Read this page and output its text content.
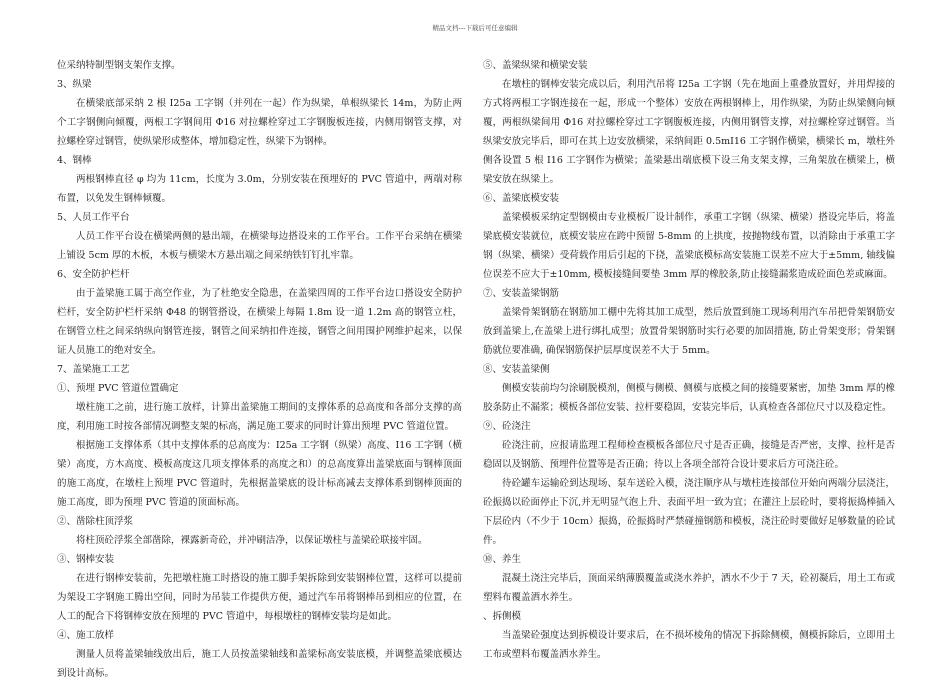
精品文档---下载后可任意编辑

位采纳特制型钢支架作支撑。

3、纵梁

在横梁底部采纳 2 根 I25a 工字钢（并列在一起）作为纵梁，单根纵梁长 14m，为防止两个工字钢侧向倾覆，两根工字钢间用 Φ16 对拉螺栓穿过工字钢腹板连接，内侧用钢管支撑，对拉螺栓穿过钢管，使纵梁形成整体，增加稳定性，纵梁下为钢棒。

4、钢棒

两根钢棒直径 φ 均为 11cm，长度为 3.0m，分别安装在预埋好的 PVC 管道中，两端对称布置，以免发生钢棒倾覆。

5、人员工作平台

人员工作平台设在横梁两侧的悬出端，在横梁每边搭设来的工作平台。工作平台采纳在横梁上铺设 5cm 厚的木板，木板与横梁木方悬出端之间采纳铁钉钉扎牢靠。

6、安全防护栏杆

由于盖梁施工属于高空作业，为了杜绝安全隐患，在盖梁四周的工作平台边口搭设安全防护栏杆，安全防护栏杆采纳 Φ48 的钢管搭设，在横梁上每隔 1.8m 设一道 1.2m 高的钢管立柱，在钢管立柱之间采纳纵向钢管连接，钢管之间采纳扣件连接，钢管之间用围护网维护起来，以保证人员施工的绝对安全。

7、盖梁施工工艺

①、预埋 PVC 管道位置确定

墩柱施工之前，进行施工放样，计算出盖梁施工期间的支撑体系的总高度和各部分支撑的高度，利用施工时按各部情况调整支架的标高，满足施工要求的同时计算出预埋 PVC 管道位置。

根据施工支撑体系（其中支撑体系的总高度为：I25a 工字钢（纵梁）高度、I16 工字钢（横梁）高度，方木高度、模板高度这几项支撑体系的高度之和）的总高度算出盖梁底面与钢棒顶面的施工高度，在墩柱上预埋 PVC 管道时，先根据盖梁底的设计标高减去支撑体系到钢棒顶面的施工高度，即为预埋 PVC 管道的顶面标高。

②、凿除柱顶浮浆

将柱顶砼浮浆全部凿除，裸露新奇砼，并冲刷洁净，以保证墩柱与盖梁砼联接牢固。

③、钢棒安装

在进行钢棒安装前，先把墩柱施工时搭设的施工脚手架拆除到安装钢棒位置，这样可以提前为架设工字钢施工腾出空间，同时为吊装工作提供方便，通过汽车吊将钢棒吊到相应的位置，在人工的配合下将钢棒安放在预埋的 PVC 管道中，每根墩柱的钢棒安装均是如此。

④、施工放样

测量人员将盖梁轴线放出后，施工人员按盖梁轴线和盖梁标高安装底模，并调整盖梁底模达到设计高标。

⑤、盖梁纵梁和横梁安装

在墩柱的钢棒安装完成以后，利用汽吊将 I25a 工字钢（先在地面上重叠放置好，并用焊接的方式将两根工字钢连接在一起，形成一个整体）安放在两根钢棒上，用作纵梁，为防止纵梁侧向倾覆，两根纵梁间用 Φ16 对拉螺栓穿过工字钢腹板连接，内侧用钢管支撑，对拉螺栓穿过钢管。当纵梁安放完毕后，即可在其上边安放横梁，采纳间距 0.5mI16 工字钢作横梁，横梁长 m，墩柱外侧各设置 5 根 I16 工字钢作为横梁；盖梁悬出端底模下设三角支架支撑，三角架放在横梁上，横梁安放在纵梁上。

⑥、盖梁底模安装

盖梁模板采纳定型钢模由专业模板厂设计制作，承重工字钢（纵梁、横梁）搭设完毕后，将盖梁底模安装就位，底模安装应在跨中预留 5-8mm 的上拱度，按抛物线布置，以消除由于承重工字钢（纵梁、横梁）受荷载作用后引起的下挠，盖梁底模标高安装施工误差不应大于±5mm, 轴线偏位误差不应大于±10mm, 模板接缝间要垫 3mm 厚的橡胶条,防止接缝漏浆造成砼面色差或麻面。

⑦、安装盖梁钢筋

盖梁骨架钢筋在钢筋加工棚中先将其加工成型，然后放置到施工现场利用汽车吊把骨架钢筋安放到盖梁上,在盖梁上进行绑扎成型；放置骨架钢筋时实行必要的加固措施, 防止骨架变形；骨架钢筋就位要准确, 确保钢筋保护层厚度误差不大于 5mm。

⑧、安装盖梁侧

侧模安装前均匀涂刷脱模剂，侧模与侧模、侧模与底模之间的接缝要紧密，加垫 3mm 厚的橡胶条防止不漏浆；模板各部位安装、拉杆要稳固，安装完毕后，认真检查各部位尺寸以及稳定性。

⑨、砼浇注

砼浇注前，应报请监理工程师检查模板各部位尺寸是否正确，接缝是否严密，支撑、拉杆是否稳固以及钢筋、预埋件位置等是否正确；待以上各项全部符合设计要求后方可浇注砼。

待砼罐车运输砼到达现场、泵车送砼入模，浇注顺序从与墩柱连接部位开始向两端分层浇注，砼振捣以砼面停止下沉,并无明显气泡上升、表面平坦一致为宜；在灌注上层砼时，要将振捣棒插入下层砼内（不少于 10cm）振捣，砼振捣时严禁碰撞钢筋和模板，浇注砼时要做好足够数量的砼试件。

⑩、养生

混凝土浇注完毕后，顶面采纳薄膜覆盖或浇水养护，洒水不少于 7 天，砼初凝后，用土工布或塑料布覆盖洒水养生。

、拆侧模

当盖梁砼强度达到拆模设计要求后，在不损坏棱角的情况下拆除侧模，侧模拆除后，立即用土工布或塑料布覆盖洒水养生。
